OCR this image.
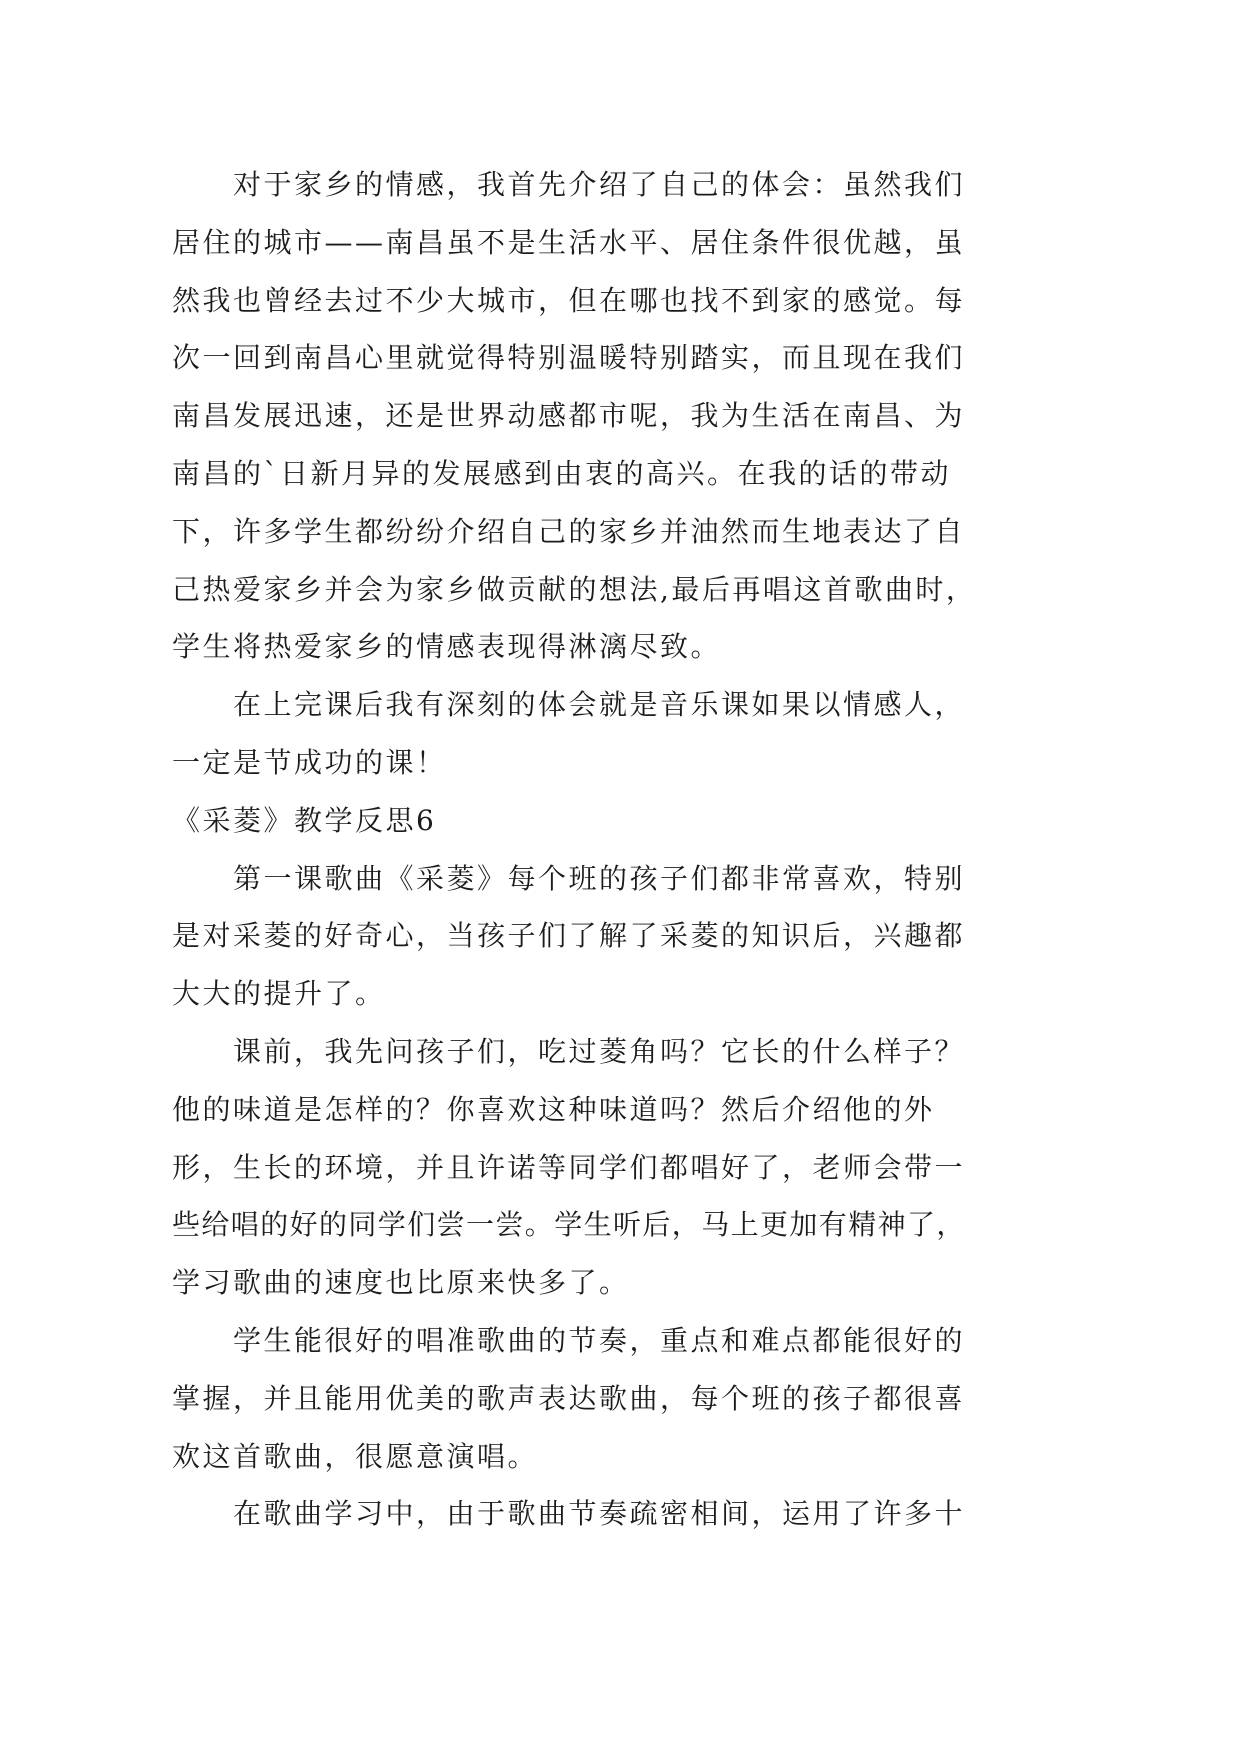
对于家乡的情感，我首先介绍了自己的体会：虽然我们
居住的城市——南昌虽不是生活水平、居住条件很优越，虽
然我也曾经去过不少大城市，但在哪也找不到家的感觉。每
次一回到南昌心里就觉得特别温暖特别踏实，而且现在我们
南昌发展迅速，还是世界动感都市呢，我为生活在南昌、为
南昌的`日新月异的发展感到由衷的高兴。在我的话的带动
下，许多学生都纷纷介绍自己的家乡并油然而生地表达了自
己热爱家乡并会为家乡做贡献的想法,最后再唱这首歌曲时，
学生将热爱家乡的情感表现得淋漓尽致。
在上完课后我有深刻的体会就是音乐课如果以情感人，
一定是节成功的课！
《采菱》教学反思6
第一课歌曲《采菱》每个班的孩子们都非常喜欢，特别
是对采菱的好奇心，当孩子们了解了采菱的知识后，兴趣都
大大的提升了。
课前，我先问孩子们，吃过菱角吗？它长的什么样子？
他的味道是怎样的？你喜欢这种味道吗？然后介绍他的外
形，生长的环境，并且许诺等同学们都唱好了，老师会带一
些给唱的好的同学们尝一尝。学生听后，马上更加有精神了，
学习歌曲的速度也比原来快多了。
学生能很好的唱准歌曲的节奏，重点和难点都能很好的
掌握，并且能用优美的歌声表达歌曲，每个班的孩子都很喜
欢这首歌曲，很愿意演唱。
在歌曲学习中，由于歌曲节奏疏密相间，运用了许多十
